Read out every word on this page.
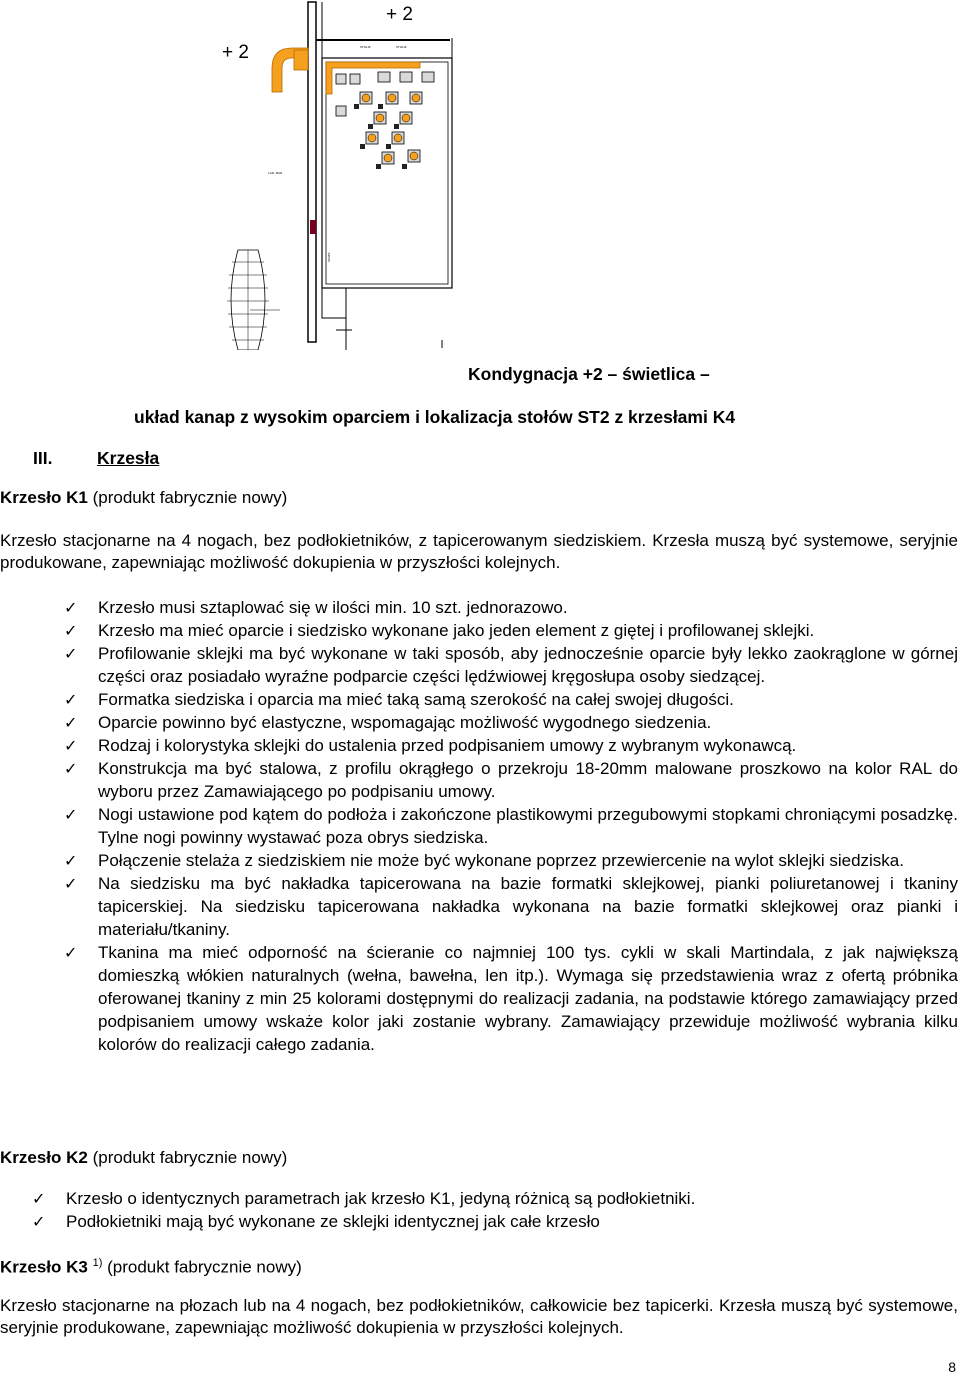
STOLIK	STOLIK
LAD. BAR
SZAFA
+ 2
+ 2
Kondygnacja +2 – świetlica –
układ kanap z wysokim oparciem i lokalizacja stołów ST2 z krzesłami K4
III.	Krzesła
Krzesło K1 (produkt fabrycznie nowy)
Krzesło stacjonarne na 4 nogach, bez podłokietników, z tapicerowanym siedziskiem. Krzesła muszą być systemowe, seryjnie produkowane, zapewniając możliwość dokupienia w przyszłości kolejnych.
✓ Krzesło musi sztaplować się w ilości min. 10 szt. jednorazowo.
✓ Krzesło ma mieć oparcie i siedzisko wykonane jako jeden element z giętej i profilowanej sklejki.
✓ Profilowanie sklejki ma być wykonane w taki sposób, aby jednocześnie oparcie były lekko zaokrąglone w górnej części oraz posiadało wyraźne podparcie części lędźwiowej kręgosłupa osoby siedzącej.
✓ Formatka siedziska i oparcia ma mieć taką samą szerokość na całej swojej długości.
✓ Oparcie powinno być elastyczne, wspomagając możliwość wygodnego siedzenia.
✓ Rodzaj i kolorystyka sklejki do ustalenia przed podpisaniem umowy z wybranym wykonawcą.
✓ Konstrukcja ma być stalowa, z profilu okrągłego o przekroju 18-20mm malowane proszkowo na kolor RAL do wyboru przez Zamawiającego po podpisaniu umowy.
✓ Nogi ustawione pod kątem do podłoża i zakończone plastikowymi przegubowymi stopkami chroniącymi posadzkę. Tylne nogi powinny wystawać poza obrys siedziska.
✓ Połączenie stelaża z siedziskiem nie może być wykonane poprzez przewiercenie na wylot sklejki siedziska.
✓ Na siedzisku ma być nakładka tapicerowana na bazie formatki sklejkowej, pianki poliuretanowej i tkaniny tapicerskiej. Na siedzisku tapicerowana nakładka wykonana na bazie formatki sklejkowej oraz pianki i materiału/tkaniny.
✓ Tkanina ma mieć odporność na ścieranie co najmniej 100 tys. cykli w skali Martindala, z jak największą domieszką włókien naturalnych (wełna, bawełna, len itp.). Wymaga się przedstawienia wraz z ofertą próbnika oferowanej tkaniny z min 25 kolorami dostępnymi do realizacji zadania, na podstawie którego zamawiający przed podpisaniem umowy wskaże kolor jaki zostanie wybrany. Zamawiający przewiduje możliwość wybrania kilku kolorów do realizacji całego zadania.
Krzesło K2 (produkt fabrycznie nowy)
✓ Krzesło o identycznych parametrach jak krzesło K1, jedyną różnicą są podłokietniki.
✓ Podłokietniki mają być wykonane ze sklejki identycznej jak całe krzesło
Krzesło K3 $^{1)}$ (produkt fabrycznie nowy)
Krzesło stacjonarne na płozach lub na 4 nogach, bez podłokietników, całkowicie bez tapicerki. Krzesła muszą być systemowe, seryjnie produkowane, zapewniając możliwość dokupienia w przyszłości kolejnych.
8
